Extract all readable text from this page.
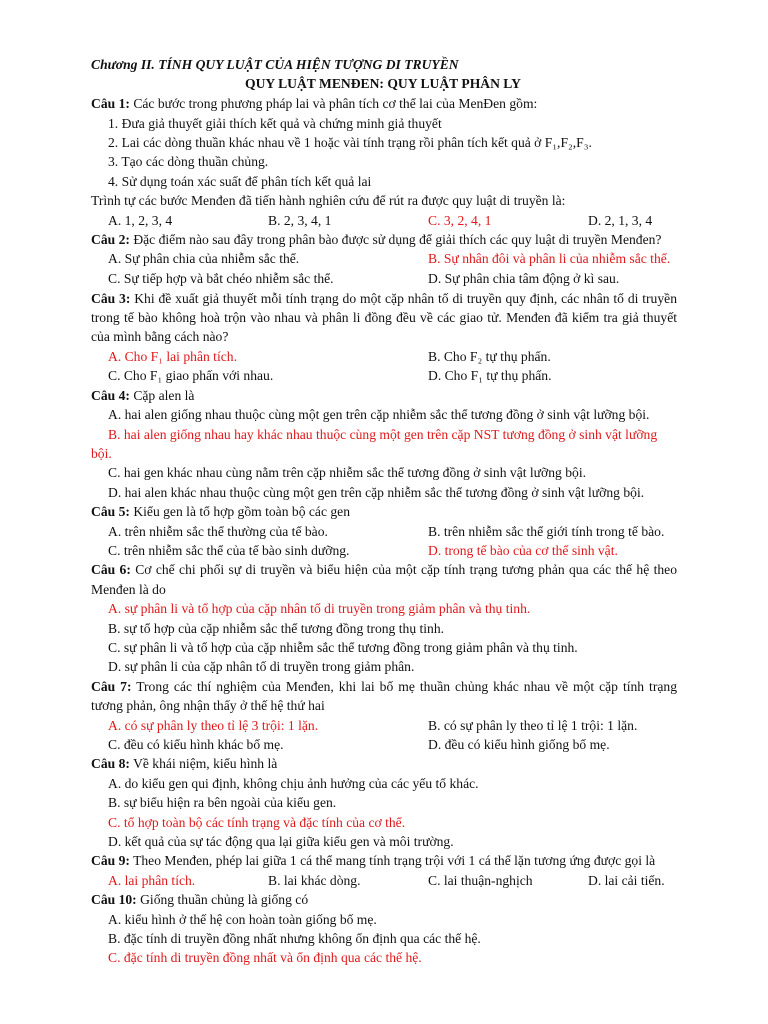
Chương II. TÍNH QUY LUẬT CỦA HIỆN TƯỢNG DI TRUYỀN
QUY LUẬT MENĐEN: QUY LUẬT PHÂN LY
Câu 1: Các bước trong phương pháp lai và phân tích cơ thể lai của MenĐen gồm:
1. Đưa giả thuyết giải thích kết quả và chứng minh giả thuyết
2. Lai các dòng thuần khác nhau về 1 hoặc vài tính trạng rồi phân tích kết quả ở F₁,F₂,F₃.
3. Tạo các dòng thuần chủng.
4. Sử dụng toán xác suất để phân tích kết quả lai
Trình tự các bước Menđen đã tiến hành nghiên cứu để rút ra được quy luật di truyền là:
A. 1, 2, 3, 4	B. 2, 3, 4, 1	C. 3, 2, 4, 1	D. 2, 1, 3, 4
Câu 2: Đặc điểm nào sau đây trong phân bào được sử dụng để giải thích các quy luật di truyền Menđen?
A. Sự phân chia của nhiễm sắc thể.	B. Sự nhân đôi và phân li của nhiễm sắc thể.
C. Sự tiếp hợp và bắt chéo nhiễm sắc thể.	D. Sự phân chia tâm động ở kì sau.
Câu 3: Khi đề xuất giả thuyết mỗi tính trạng do một cặp nhân tố di truyền quy định, các nhân tố di truyền
trong tế bào không hoà trộn vào nhau và phân li đồng đều về các giao tử. Menđen đã kiểm tra giả thuyết
của mình bằng cách nào?
A. Cho F₁ lai phân tích.	B. Cho F₂ tự thụ phấn.
C. Cho F₁ giao phấn với nhau.	D. Cho F₁ tự thụ phấn.
Câu 4: Cặp alen là
A. hai alen giống nhau thuộc cùng một gen trên cặp nhiễm sắc thể tương đồng ở sinh vật lưỡng bội.
B. hai alen giống nhau hay khác nhau thuộc cùng một gen trên cặp NST tương đồng ở sinh vật lưỡng
bội.
C. hai gen khác nhau cùng nằm trên cặp nhiễm sắc thể tương đồng ở sinh vật lưỡng bội.
D. hai alen khác nhau thuộc cùng một gen trên cặp nhiễm sắc thể tương đồng ở sinh vật lưỡng bội.
Câu 5: Kiểu gen là tổ hợp gồm toàn bộ các gen
A. trên nhiễm sắc thể thường của tế bào.	B. trên nhiễm sắc thể giới tính trong tế bào.
C. trên nhiễm sắc thể của tế bào sinh dưỡng.	D. trong tế bào của cơ thể sinh vật.
Câu 6: Cơ chế chi phối sự di truyền và biểu hiện của một cặp tính trạng tương phản qua các thế hệ theo
Menđen là do
A. sự phân li và tổ hợp của cặp nhân tố di truyền trong giảm phân và thụ tinh.
B. sự tổ hợp của cặp nhiễm sắc thể tương đồng trong thụ tinh.
C. sự phân li và tổ hợp của cặp nhiễm sắc thể tương đồng trong giảm phân và thụ tinh.
D. sự phân li của cặp nhân tố di truyền trong giảm phân.
Câu 7: Trong các thí nghiệm của Menđen, khi lai bố mẹ thuần chủng khác nhau về một cặp tính trạng
tương phản, ông nhận thấy ở thế hệ thứ hai
A. có sự phân ly theo tỉ lệ 3 trội: 1 lặn.	B. có sự phân ly theo tỉ lệ 1 trội: 1 lặn.
C. đều có kiểu hình khác bố mẹ.	D. đều có kiểu hình giống bố mẹ.
Câu 8: Về khái niệm, kiểu hình là
A. do kiểu gen qui định, không chịu ảnh hưởng của các yếu tố khác.
B. sự biểu hiện ra bên ngoài của kiểu gen.
C. tổ hợp toàn bộ các tính trạng và đặc tính của cơ thể.
D. kết quả của sự tác động qua lại giữa kiểu gen và môi trường.
Câu 9: Theo Menđen, phép lai giữa 1 cá thể mang tính trạng trội với 1 cá thể lặn tương ứng được gọi là
A. lai phân tích.	B. lai khác dòng.	C. lai thuận-nghịch	D. lai cải tiến.
Câu 10: Giống thuần chủng là giống có
A. kiểu hình ở thế hệ con hoàn toàn giống bố mẹ.
B. đặc tính di truyền đồng nhất nhưng không ổn định qua các thế hệ.
C. đặc tính di truyền đồng nhất và ổn định qua các thế hệ.
